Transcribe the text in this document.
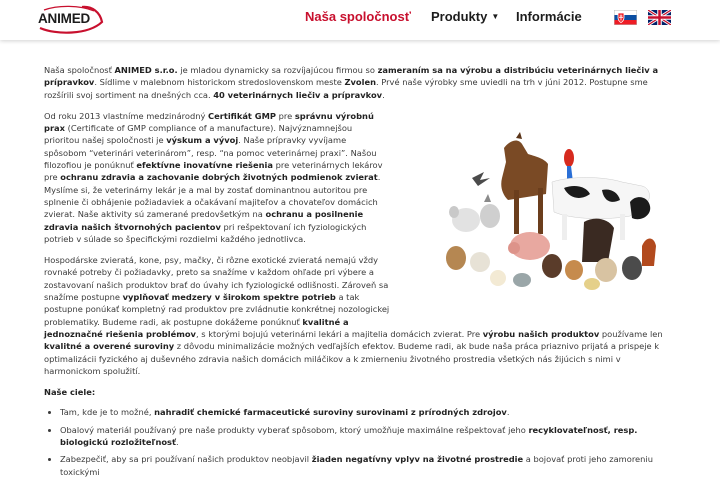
ANIMED	Naša spoločnosť Produkty ▼ Informácie

Naša spoločnosť ANIMED s.r.o. je mladou dynamicky sa rozvíjajúcou firmou so zameraním sa na výrobu a distribúciu veterinárnych liečiv a prípravkov. Sídlime v malebnom historickom stredoslovenskom meste Zvolen. Prvé naše výrobky sme uviedli na trh v júni 2012. Postupne sme rozšírili svoj sortiment na dnešných cca. 40 veterinárnych liečiv a prípravkov.

Od roku 2013 vlastníme medzinárodný Certifikát GMP pre správnu výrobnú prax (Certificate of GMP compliance of a manufacture). Najvýznamnejšou prioritou našej spoločnosti je výskum a vývoj. Naše prípravky vyvíjame spôsobom “veterinári veterinárom”, resp. “na pomoc veterinárnej praxi”. Našou filozofiou je ponúknuť efektívne inovatívne riešenia pre veterinárnych lekárov pre ochranu zdravia a zachovanie dobrých životných podmienok zvierat. Myslíme si, že veterinárny lekár je a mal by zostať dominantnou autoritou pre splnenie či obhájenie požiadaviek a očakávaní majiteľov a chovateľov domácich zvierat. Naše aktivity sú zamerané predovšetkým na ochranu a posilnenie zdravia našich štvornohých pacientov pri rešpektovaní ich fyziologických potrieb v súlade so špecifickými rozdielmi každého jednotlivca.

Hospodárske zvieratá, kone, psy, mačky, či rôzne exotické zvieratá nemajú vždy rovnaké potreby či požiadavky, preto sa snažíme v každom ohľade pri výbere a zostavovaní našich produktov brať do úvahy ich fyziologické odlišnosti. Zároveň sa snažíme postupne vyplňovať medzery v širokom spektre potrieb a tak postupne ponúkať kompletný rad produktov pre zvládnutie konkrétnej nozologickej problematiky. Budeme radi, ak postupne dokážeme ponúknuť kvalitné a jednoznačné riešenia problémov, s ktorými bojujú veterinárni lekári a majitelia domácich zvierat. Pre výrobu našich produktov používame len kvalitné a overené suroviny z dôvodu minimalizácie možných vedľajších efektov. Budeme radi, ak bude naša práca priaznivo prijatá a prispeje k optimalizácii fyzického aj duševného zdravia našich domácich miláčikov a k zmierneniu životného prostredia všetkých nás žijúcich s nimi v harmonickom spolužití.

Naše ciele:
• Tam, kde je to možné, nahradiť chemické farmaceutické suroviny surovinami z prírodných zdrojov.
• Obalový materiál používaný pre naše produkty vyberať spôsobom, ktorý umožňuje maximálne rešpektovať jeho recyklovateľnosť, resp. biologickú rozložiteľnosť.
• Zabezpečiť, aby sa pri používaní našich produktov neobjavil žiaden negatívny vplyv na životné prostredie a bojovať proti jeho zamoreniu toxickými
